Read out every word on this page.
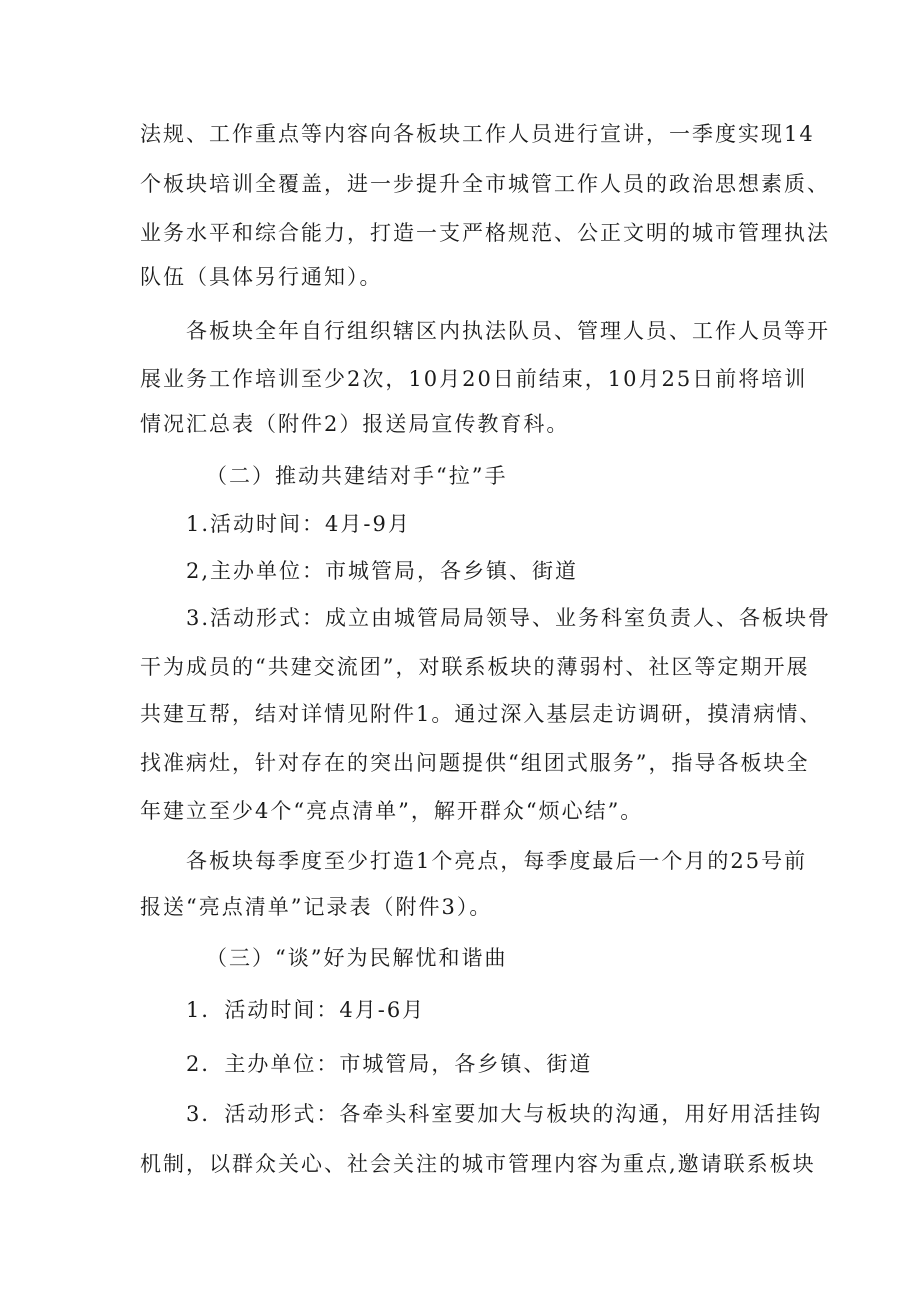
法规、工作重点等内容向各板块工作人员进行宣讲，一季度实现14
个板块培训全覆盖，进一步提升全市城管工作人员的政治思想素质、
业务水平和综合能力，打造一支严格规范、公正文明的城市管理执法
队伍（具体另行通知）。
各板块全年自行组织辖区内执法队员、管理人员、工作人员等开
展业务工作培训至少2次，10月20日前结束，10月25日前将培训
情况汇总表（附件2）报送局宣传教育科。
（二）推动共建结对手“拉”手
1.活动时间：4月-9月
2,主办单位：市城管局，各乡镇、街道
3.活动形式：成立由城管局局领导、业务科室负责人、各板块骨
干为成员的“共建交流团”，对联系板块的薄弱村、社区等定期开展
共建互帮，结对详情见附件1。通过深入基层走访调研，摸清病情、
找准病灶，针对存在的突出问题提供“组团式服务”，指导各板块全
年建立至少4个“亮点清单”，解开群众“烦心结”。
各板块每季度至少打造1个亮点，每季度最后一个月的25号前
报送“亮点清单”记录表（附件3）。
（三）“谈”好为民解忧和谐曲
1．活动时间：4月-6月
2．主办单位：市城管局，各乡镇、街道
3．活动形式：各牵头科室要加大与板块的沟通，用好用活挂钩
机制，以群众关心、社会关注的城市管理内容为重点,邀请联系板块
